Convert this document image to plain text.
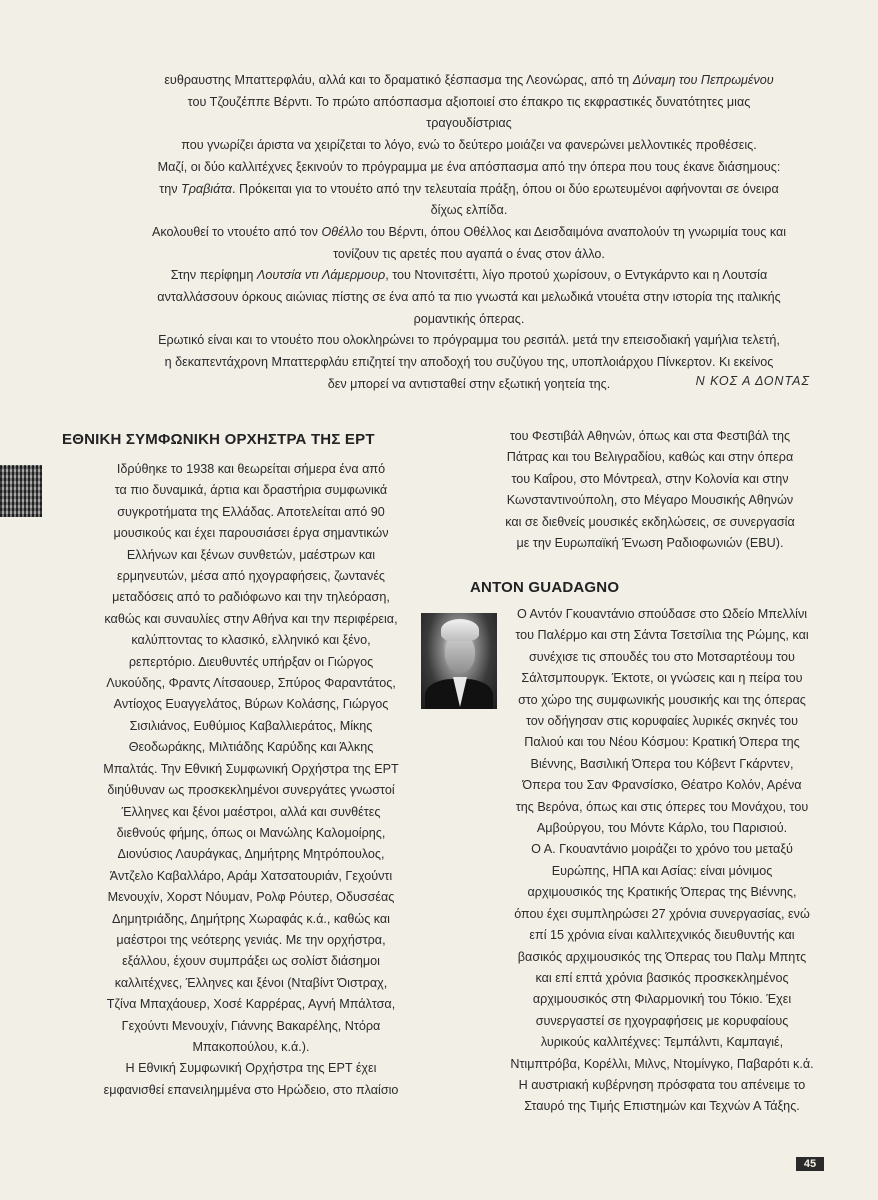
ευθραυστης Μπαττερφλάυ, αλλά και το δραματικό ξέσπασμα της Λεονώρας, από τη Δύναμη του Πεπρωμένου

του Τζουζέππε Βέρντι. Το πρώτο απόσπασμα αξιοποιεί στο έπακρο τις εκφραστικές δυνατότητες μιας τραγουδίστριας

που γνωρίζει άριστα να χειρίζεται το λόγο, ενώ το δεύτερο μοιάζει να φανερώνει μελλοντικές προθέσεις.

Μαζί, οι δύο καλλιτέχνες ξεκινούν το πρόγραμμα με ένα απόσπασμα από την όπερα που τους έκανε διάσημους:

την Τραβιάτα. Πρόκειται για το ντουέτο από την τελευταία πράξη, όπου οι δύο ερωτευμένοι αφήνονται σε όνειρα

δίχως ελπίδα.

Ακολουθεί το ντουέτο από τον Οθέλλο του Βέρντι, όπου Οθέλλος και Δεισδαιμόνα αναπολούν τη γνωριμία τους και

τονίζουν τις αρετές που αγαπά ο ένας στον άλλο.

Στην περίφημη Λουτσία ντι Λάμερμουρ, του Ντονιτσέττι, λίγο προτού χωρίσουν, ο Εντγκάρντο και η Λουτσία

ανταλλάσσουν όρκους αιώνιας πίστης σε ένα από τα πιο γνωστά και μελωδικά ντουέτα στην ιστορία της ιταλικής

ρομαντικής όπερας.

Ερωτικό είναι και το ντουέτο που ολοκληρώνει το πρόγραμμα του ρεσιτάλ. μετά την επεισοδιακή γαμήλια τελετή,

η δεκαπεντάχρονη Μπαττερφλάυ επιζητεί την αποδοχή του συζύγου της, υποπλοιάρχου Πίνκερτον. Κι εκείνος

δεν μπορεί να αντισταθεί στην εξωτική γοητεία της.	Ν ΚΟΣ Α ΔΟΝΤΑΣ
ΕΘΝΙΚΗ ΣΥΜΦΩΝΙΚΗ ΟΡΧΗΣΤΡΑ ΤΗΣ ΕΡΤ

Ιδρύθηκε το 1938 και θεωρείται σήμερα ένα από

τα πιο δυναμικά, άρτια και δραστήρια συμφωνικά

συγκροτήματα της Ελλάδας. Αποτελείται από 90

μουσικούς και έχει παρουσιάσει έργα σημαντικών

Ελλήνων και ξένων συνθετών, μαέστρων και

ερμηνευτών, μέσα από ηχογραφήσεις, ζωντανές

μεταδόσεις από το ραδιόφωνο και την τηλεόραση,

καθώς και συναυλίες στην Αθήνα και την περιφέρεια,

καλύπτοντας το κλασικό, ελληνικό και ξένο,

ρεπερτόριο. Διευθυντές υπήρξαν οι Γιώργος

Λυκούδης, Φραντς Λίτσαουερ, Σπύρος Φαραντάτος,

Αντίοχος Ευαγγελάτος, Βύρων Κολάσης, Γιώργος

Σισιλιάνος, Ευθύμιος Καβαλλιεράτος, Μίκης

Θεοδωράκης, Μιλτιάδης Καρύδης και Άλκης

Μπαλτάς. Την Εθνική Συμφωνική Ορχήστρα της ΕΡΤ

διηύθυναν ως προσκεκλημένοι συνεργάτες γνωστοί

Έλληνες και ξένοι μαέστροι, αλλά και συνθέτες

διεθνούς φήμης, όπως οι Μανώλης Καλομοίρης,

Διονύσιος Λαυράγκας, Δημήτρης Μητρόπουλος,

Άντζελο Καβαλλάρο, Αράμ Χατσατουριάν, Γεχούντι

Μενουχίν, Χορστ Νόυμαν, Ρολφ Ρόυτερ, Οδυσσέας

Δημητριάδης, Δημήτρης Χωραφάς κ.ά., καθώς και

μαέστροι της νεότερης γενιάς. Με την ορχήστρα,

εξάλλου, έχουν συμπράξει ως σολίστ διάσημοι

καλλιτέχνες, Έλληνες και ξένοι (Νταβίντ Όιστραχ,

Τζίνα Μπαχάουερ, Χοσέ Καρρέρας, Αγνή Μπάλτσα,

Γεχούντι Μενουχίν, Γιάννης Βακαρέλης, Ντόρα

Μπακοπούλου, κ.ά.).

Η Εθνική Συμφωνική Ορχήστρα της ΕΡΤ έχει

εμφανισθεί επανειλημμένα στο Ηρώδειο, στο πλαίσιο

του Φεστιβάλ Αθηνών, όπως και στα Φεστιβάλ της

Πάτρας και του Βελιγραδίου, καθώς και στην όπερα

του Καΐρου, στο Μόντρεαλ, στην Κολονία και στην

Κωνσταντινούπολη, στο Μέγαρο Μουσικής Αθηνών

και σε διεθνείς μουσικές εκδηλώσεις, σε συνεργασία

με την Ευρωπαϊκή Ένωση Ραδιοφωνιών (EBU).

ANTON GUADAGNO

Ο Αντόν Γκουαντάνιο σπούδασε στο Ωδείο Μπελλίνι

του Παλέρμο και στη Σάντα Τσετσίλια της Ρώμης, και

συνέχισε τις σπουδές του στο Μοτσαρτέουμ του

Σάλτσμπουργκ. Έκτοτε, οι γνώσεις και η πείρα του

στο χώρο της συμφωνικής μουσικής και της όπερας

τον οδήγησαν στις κορυφαίες λυρικές σκηνές του

Παλιού και του Νέου Κόσμου: Κρατική Όπερα της

Βιέννης, Βασιλική Όπερα του Κόβεντ Γκάρντεν,

Όπερα του Σαν Φρανσίσκο, Θέατρο Κολόν, Αρένα

της Βερόνα, όπως και στις όπερες του Μονάχου, του

Αμβούργου, του Μόντε Κάρλο, του Παρισιού.

Ο Α. Γκουαντάνιο μοιράζει το χρόνο του μεταξύ

Ευρώπης, ΗΠΑ και Ασίας: είναι μόνιμος

αρχιμουσικός της Κρατικής Όπερας της Βιέννης,

όπου έχει συμπληρώσει 27 χρόνια συνεργασίας, ενώ

επί 15 χρόνια είναι καλλιτεχνικός διευθυντής και

βασικός αρχιμουσικός της Όπερας του Παλμ Μπητς

και επί επτά χρόνια βασικός προσκεκλημένος

αρχιμουσικός στη Φιλαρμονική του Τόκιο. Έχει

συνεργαστεί σε ηχογραφήσεις με κορυφαίους

λυρικούς καλλιτέχνες: Τεμπάλντι, Καμπαγιέ,

Ντιμπτρόβα, Κορέλλι, Μιλνς, Ντομίνγκο, Παβαρότι κ.ά.

Η αυστριακή κυβέρνηση πρόσφατα του απένειμε το

Σταυρό της Τιμής Επιστημών και Τεχνών Α Τάξης.

45
